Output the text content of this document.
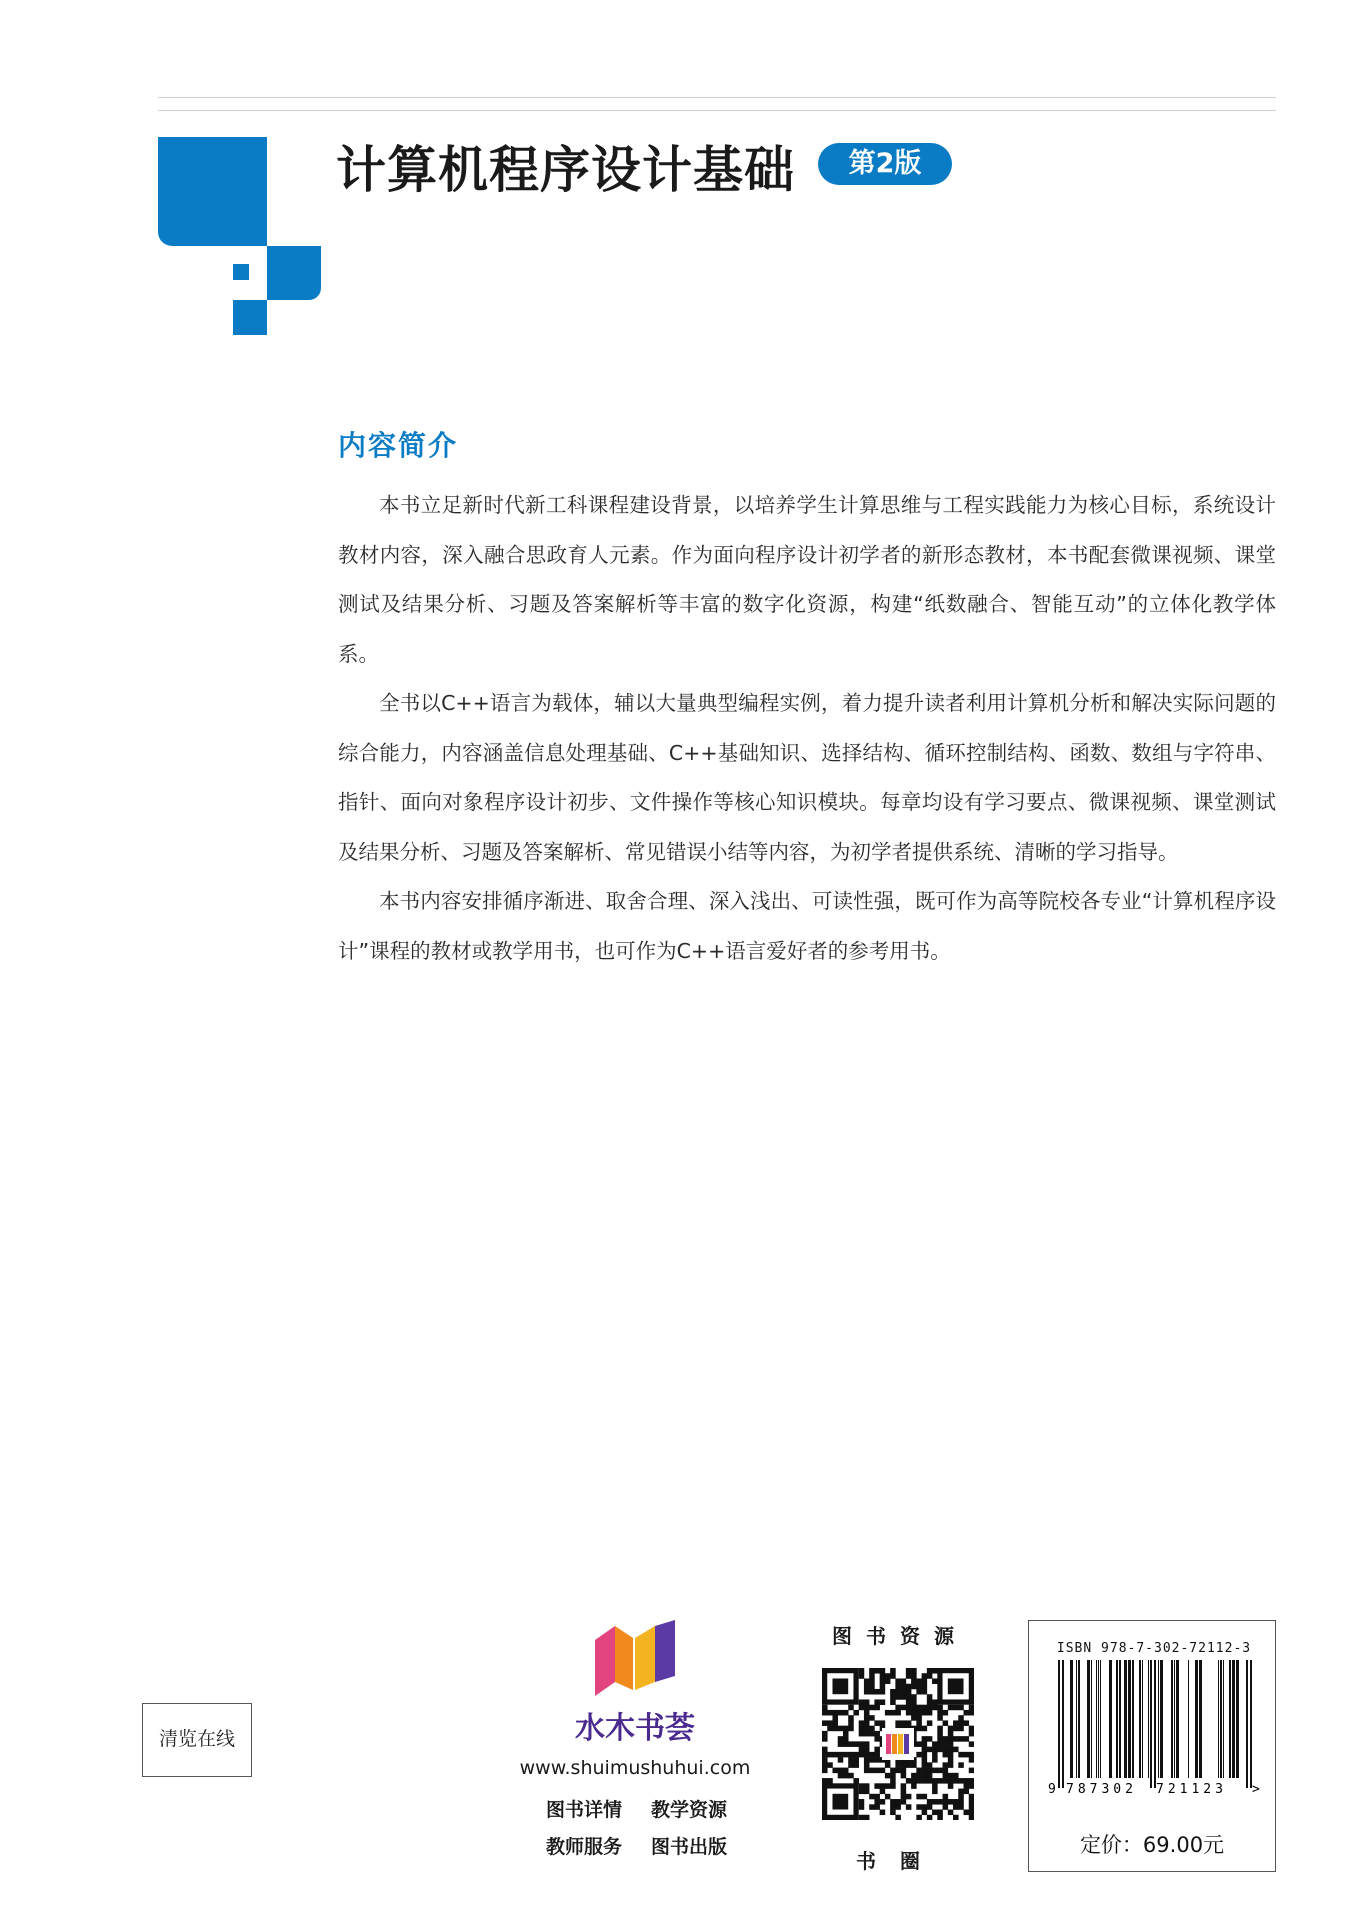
计算机程序设计基础	第2版
内容简介

本书立足新时代新工科课程建设背景，以培养学生计算思维与工程实践能力为核心目标，系统设计教材内容，深入融合思政育人元素。作为面向程序设计初学者的新形态教材，本书配套微课视频、课堂测试及结果分析、习题及答案解析等丰富的数字化资源，构建“纸数融合、智能互动”的立体化教学体系。

全书以C++语言为载体，辅以大量典型编程实例，着力提升读者利用计算机分析和解决实际问题的综合能力，内容涵盖信息处理基础、C++基础知识、选择结构、循环控制结构、函数、数组与字符串、指针、面向对象程序设计初步、文件操作等核心知识模块。每章均设有学习要点、微课视频、课堂测试及结果分析、习题及答案解析、常见错误小结等内容，为初学者提供系统、清晰的学习指导。

本书内容安排循序渐进、取舍合理、深入浅出、可读性强，既可作为高等院校各专业“计算机程序设计”课程的教材或教学用书，也可作为C++语言爱好者的参考用书。

清览在线	水木书荟
www.shuimushuhui.com
图书详情 教学资源
教师服务 图书出版
图书资源
书圈
ISBN 978-7-302-72112-3
9 787302 721123 >
定价：69.00元
